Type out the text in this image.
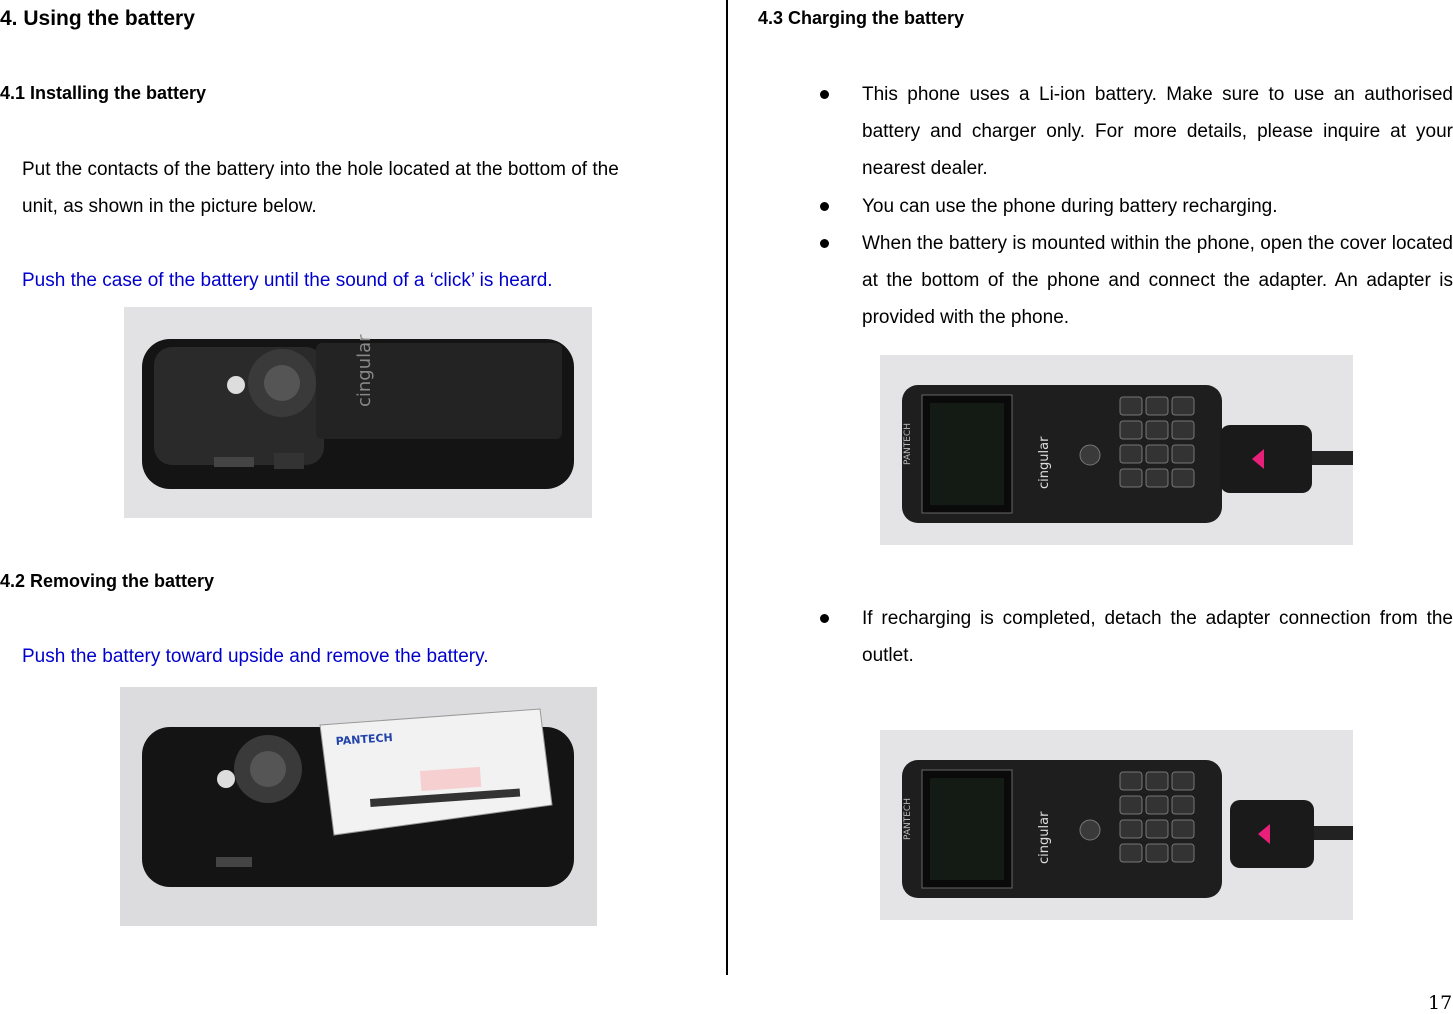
4. Using the battery
4.1 Installing the battery
Put the contacts of the battery into the hole located at the bottom of the
unit, as shown in the picture below.
Push the case of the battery until the sound of a ‘click’ is heard.
cingular
4.2 Removing the battery
Push the battery toward upside and remove the battery.
PANTECH
4.3 Charging the battery
This phone uses a Li-ion battery. Make sure to use an authorised battery and charger only. For more details, please inquire at your nearest dealer.
You can use the phone during battery recharging.
When the battery is mounted within the phone, open the cover located at the bottom of the phone and connect the adapter. An adapter is provided with the phone.
PANTECH	cingular
If recharging is completed, detach the adapter connection from the outlet.
PANTECH	cingular
17
